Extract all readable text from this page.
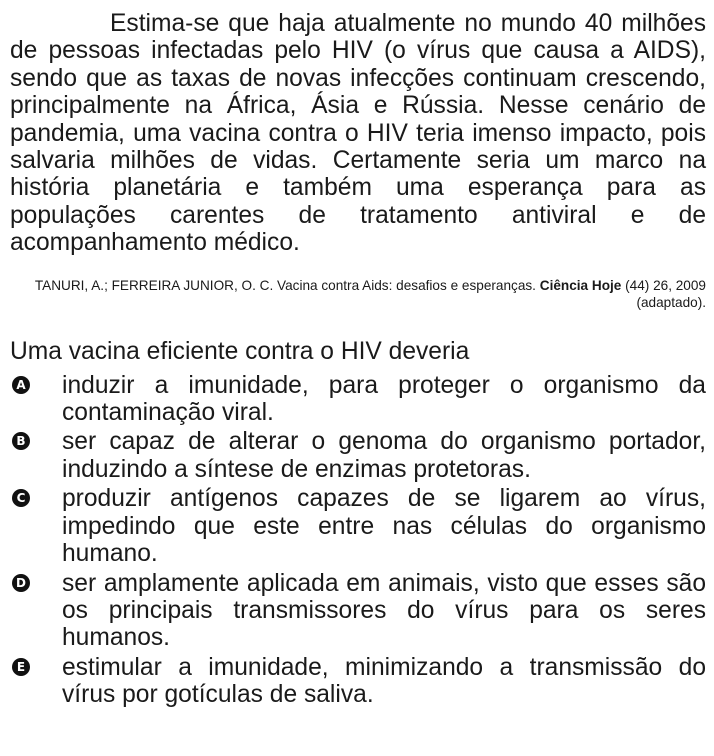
Estima-se que haja atualmente no mundo 40 milhões de pessoas infectadas pelo HIV (o vírus que causa a AIDS), sendo que as taxas de novas infecções continuam crescendo, principalmente na África, Ásia e Rússia. Nesse cenário de pandemia, uma vacina contra o HIV teria imenso impacto, pois salvaria milhões de vidas. Certamente seria um marco na história planetária e também uma esperança para as populações carentes de tratamento antiviral e de acompanhamento médico.

TANURI, A.; FERREIRA JUNIOR, O. C. Vacina contra Aids: desafios e esperanças. Ciência Hoje (44) 26, 2009 (adaptado).

Uma vacina eficiente contra o HIV deveria

A induzir a imunidade, para proteger o organismo da contaminação viral.
B ser capaz de alterar o genoma do organismo portador, induzindo a síntese de enzimas protetoras.
C produzir antígenos capazes de se ligarem ao vírus, impedindo que este entre nas células do organismo humano.
D ser amplamente aplicada em animais, visto que esses são os principais transmissores do vírus para os seres humanos.
E estimular a imunidade, minimizando a transmissão do vírus por gotículas de saliva.
